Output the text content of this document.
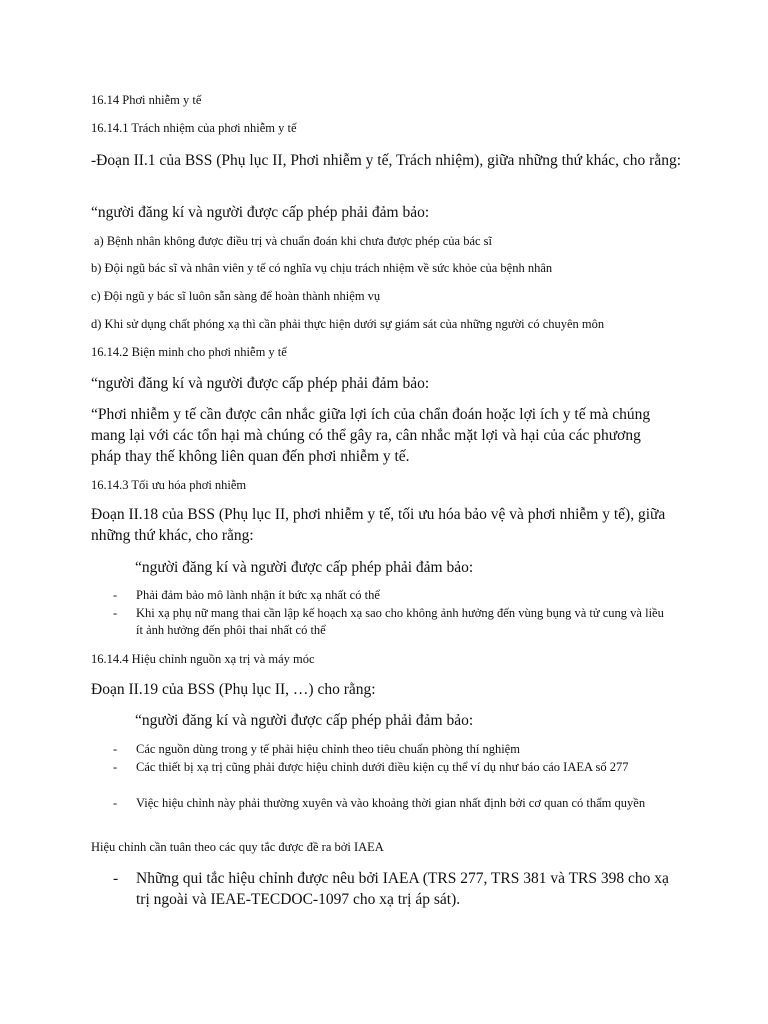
16.14 Phơi nhiễm y tế

16.14.1 Trách nhiệm của phơi nhiễm y tế

-Đoạn II.1 của BSS (Phụ lục II, Phơi nhiễm y tế, Trách nhiệm), giữa những thứ khác, cho rằng:

“người đăng kí và người được cấp phép phải đảm bảo:

a) Bệnh nhân không được điều trị và chuẩn đoán khi chưa được phép của bác sĩ

b) Đội ngũ bác sĩ và nhân viên y tế có nghĩa vụ chịu trách nhiệm về sức khỏe của bệnh nhân

c) Đội ngũ y bác sĩ luôn sẵn sàng để hoàn thành nhiệm vụ

d) Khi sử dụng chất phóng xạ thì cần phải thực hiện dưới sự giám sát của những người có chuyên môn

16.14.2 Biện minh cho phơi nhiễm y tế

“người đăng kí và người được cấp phép phải đảm bảo:

“Phơi nhiễm y tế cần được cân nhắc giữa lợi ích của chẩn đoán hoặc lợi ích y tế mà chúng mang lại với các tổn hại mà chúng có thể gây ra, cân nhắc mặt lợi và hại của các phương pháp thay thế không liên quan đến phơi nhiễm y tế.

16.14.3 Tối ưu hóa phơi nhiễm

Đoạn II.18 của BSS (Phụ lục II, phơi nhiễm y tế, tối ưu hóa bảo vệ và phơi nhiễm y tế), giữa những thứ khác, cho rằng:

“người đăng kí và người được cấp phép phải đảm bảo:

-	Phải đảm bảo mô lành nhận ít bức xạ nhất có thể
-	Khi xạ phụ nữ mang thai cần lập kế hoạch xạ sao cho không ảnh hưởng đến vùng bụng và tử cung và liều ít ảnh hưởng đến phôi thai nhất có thể

16.14.4 Hiệu chỉnh nguồn xạ trị và máy móc

Đoạn II.19 của BSS (Phụ lục II, …) cho rằng:

“người đăng kí và người được cấp phép phải đảm bảo:

-	Các nguồn dùng trong y tế phải hiệu chỉnh theo tiêu chuẩn phòng thí nghiệm
-	Các thiết bị xạ trị cũng phải được hiệu chỉnh dưới điều kiện cụ thể ví dụ như báo cáo IAEA số 277
-	Việc hiệu chỉnh này phải thường xuyên và vào khoảng thời gian nhất định bởi cơ quan có thẩm quyền

Hiệu chỉnh cần tuân theo các quy tắc được đề ra bởi IAEA

-	Những qui tắc hiệu chỉnh được nêu bởi IAEA (TRS 277, TRS 381 và TRS 398 cho xạ trị ngoài và IEAE-TECDOC-1097 cho xạ trị áp sát).
